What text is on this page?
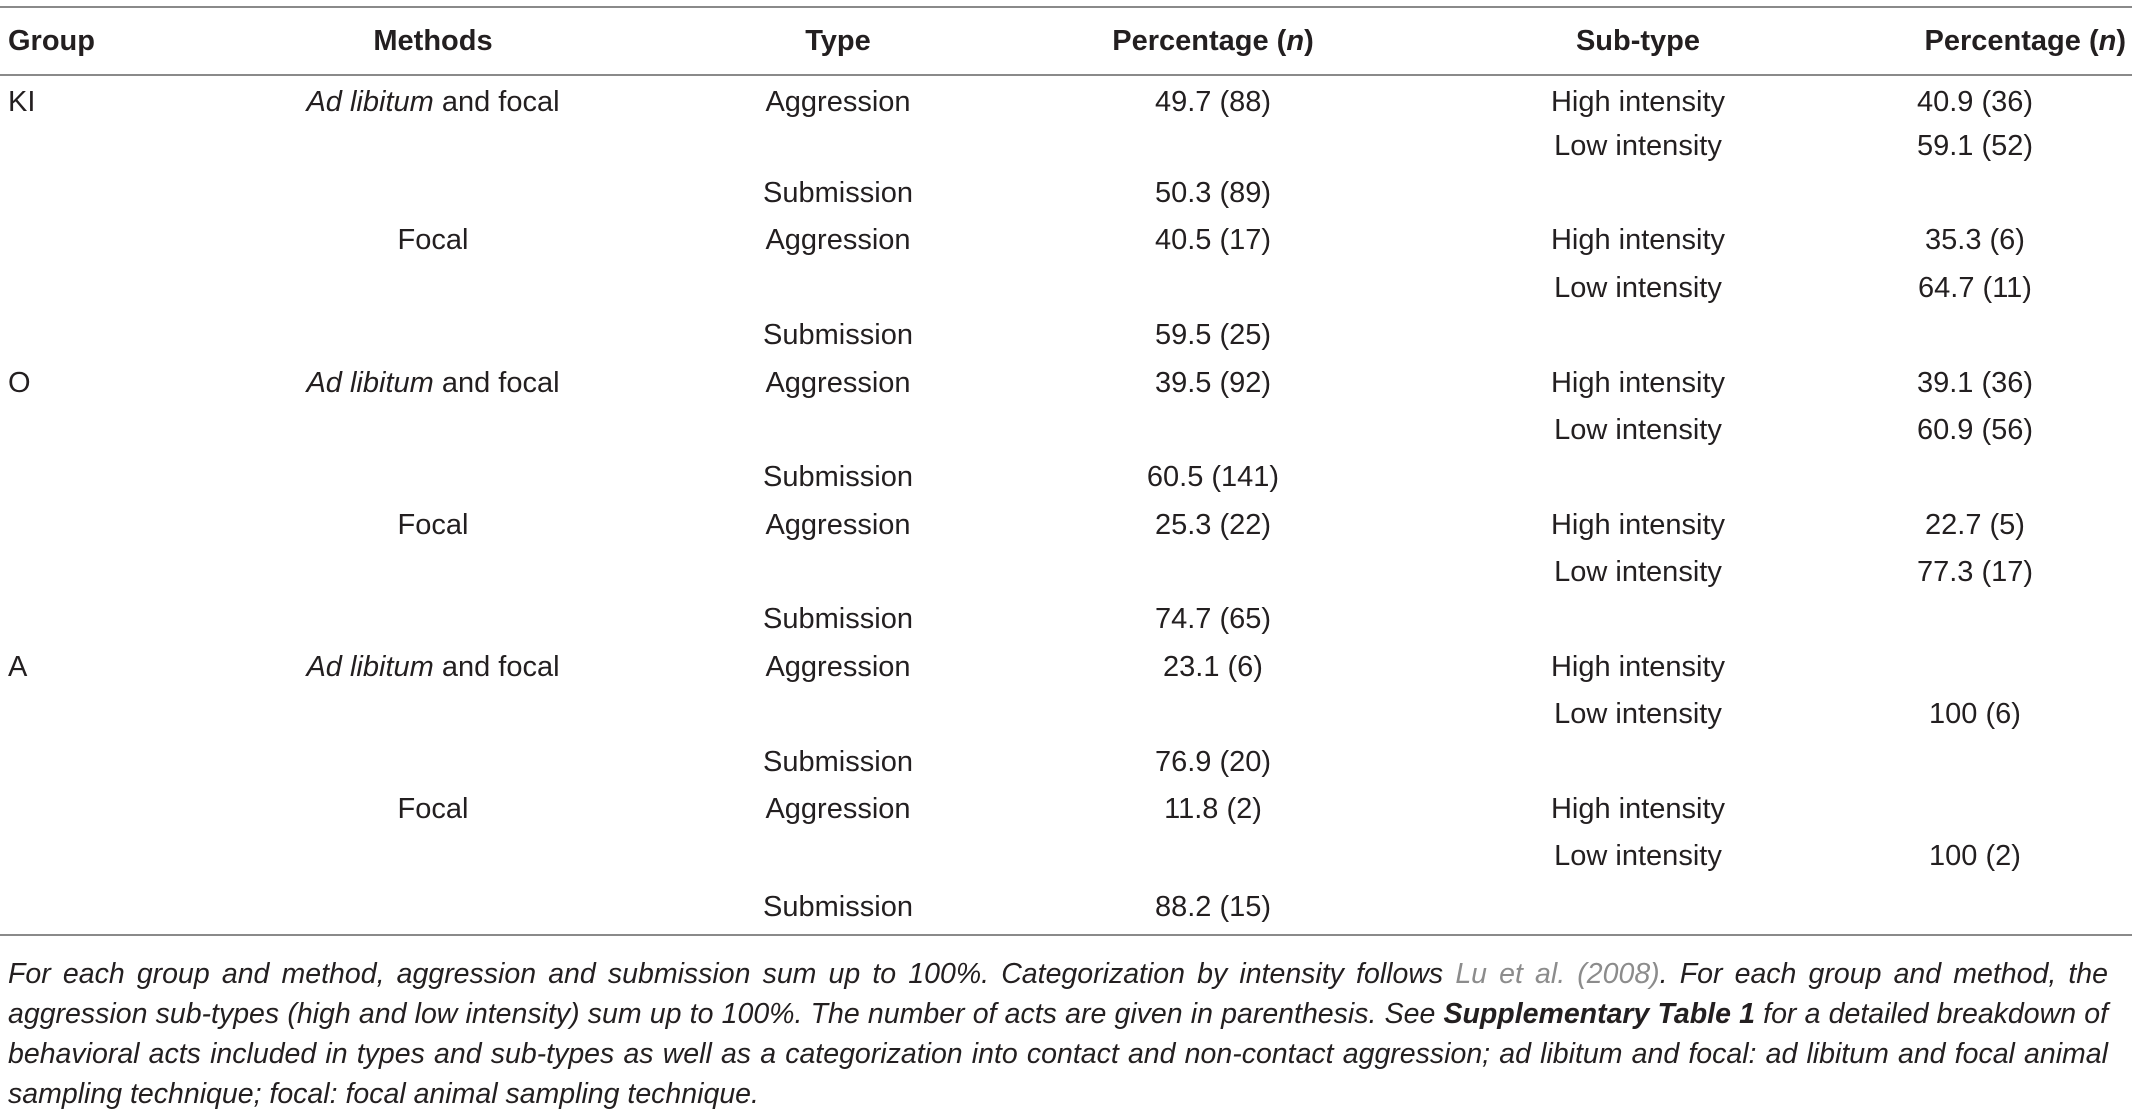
Group	Methods	Type	Percentage (n)	Sub-type	Percentage (n)
KI	Ad libitum and focal	Aggression	49.7 (88)	High intensity	40.9 (36)
				Low intensity	59.1 (52)
		Submission	50.3 (89)		
	Focal	Aggression	40.5 (17)	High intensity	35.3 (6)
				Low intensity	64.7 (11)
		Submission	59.5 (25)		
O	Ad libitum and focal	Aggression	39.5 (92)	High intensity	39.1 (36)
				Low intensity	60.9 (56)
		Submission	60.5 (141)		
	Focal	Aggression	25.3 (22)	High intensity	22.7 (5)
				Low intensity	77.3 (17)
		Submission	74.7 (65)		
A	Ad libitum and focal	Aggression	23.1 (6)	High intensity	
				Low intensity	100 (6)
		Submission	76.9 (20)		
	Focal	Aggression	11.8 (2)	High intensity	
				Low intensity	100 (2)
		Submission	88.2 (15)		
For each group and method, aggression and submission sum up to 100%. Categorization by intensity follows Lu et al. (2008). For each group and method, the aggression sub-types (high and low intensity) sum up to 100%. The number of acts are given in parenthesis. See Supplementary Table 1 for a detailed breakdown of behavioral acts included in types and sub-types as well as a categorization into contact and non-contact aggression; ad libitum and focal: ad libitum and focal animal sampling technique; focal: focal animal sampling technique.
